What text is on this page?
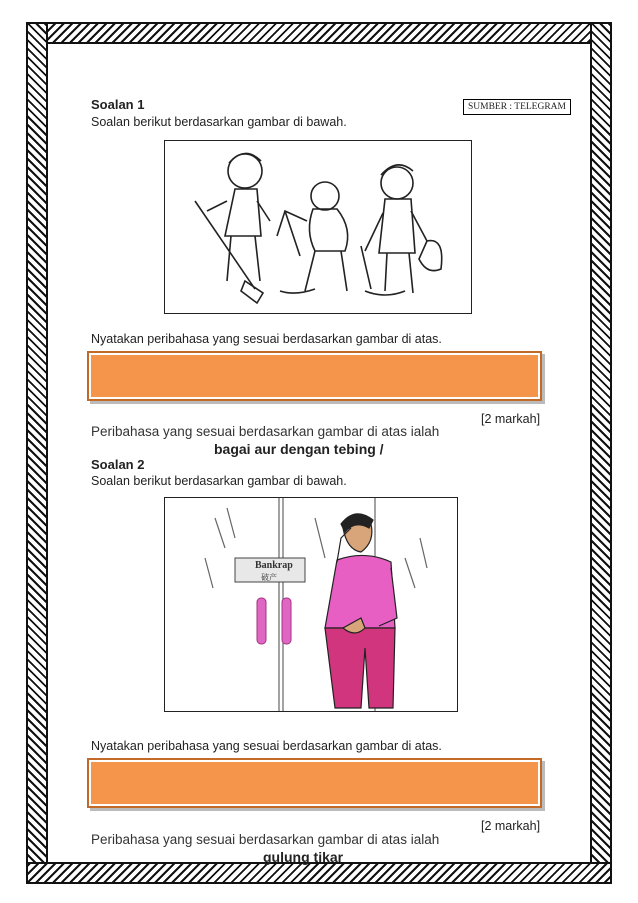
Soalan 1
Soalan berikut berdasarkan gambar di bawah.
SUMBER : TELEGRAM
Nyatakan peribahasa yang sesuai berdasarkan gambar di atas.
[2 markah]
Peribahasa yang sesuai berdasarkan gambar di atas ialah
bagai aur dengan tebing /
Soalan 2
Soalan berikut berdasarkan gambar di bawah.
Bankrap
破产
Nyatakan peribahasa yang sesuai berdasarkan gambar di atas.
[2 markah]
Peribahasa yang sesuai berdasarkan gambar di atas ialah
gulung tikar
